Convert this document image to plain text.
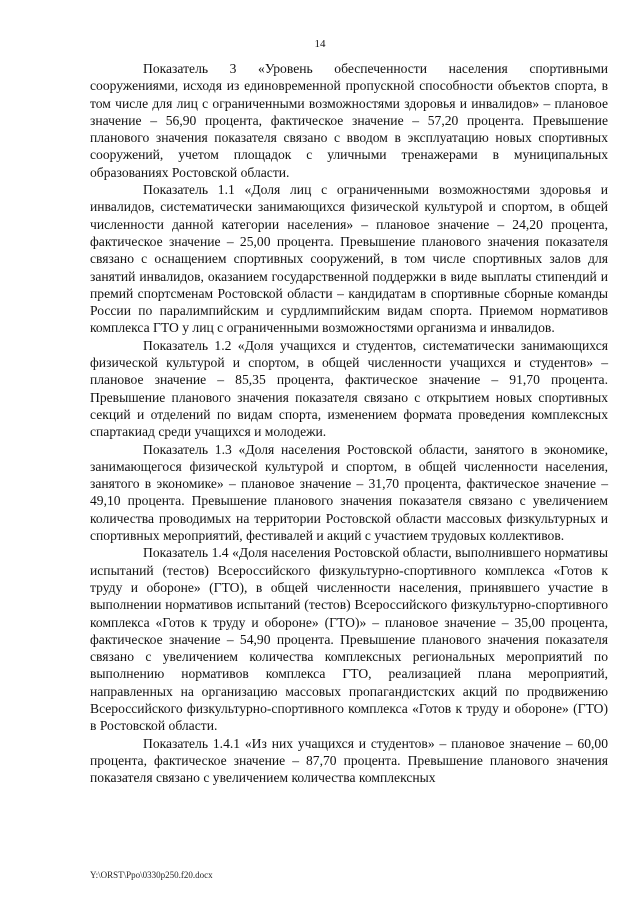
14

Показатель 3 «Уровень обеспеченности населения спортивными сооружениями, исходя из единовременной пропускной способности объектов спорта, в том числе для лиц с ограниченными возможностями здоровья и инвалидов» – плановое значение – 56,90 процента, фактическое значение – 57,20 процента. Превышение планового значения показателя связано с вводом в эксплуатацию новых спортивных сооружений, учетом площадок с уличными тренажерами в муниципальных образованиях Ростовской области.

Показатель 1.1 «Доля лиц с ограниченными возможностями здоровья и инвалидов, систематически занимающихся физической культурой и спортом, в общей численности данной категории населения» – плановое значение – 24,20 процента, фактическое значение – 25,00 процента. Превышение планового значения показателя связано с оснащением спортивных сооружений, в том числе спортивных залов для занятий инвалидов, оказанием государственной поддержки в виде выплаты стипендий и премий спортсменам Ростовской области – кандидатам в спортивные сборные команды России по паралимпийским и сурдлимпийским видам спорта. Приемом нормативов комплекса ГТО у лиц с ограниченными возможностями организма и инвалидов.

Показатель 1.2 «Доля учащихся и студентов, систематически занимающихся физической культурой и спортом, в общей численности учащихся и студентов» – плановое значение – 85,35 процента, фактическое значение – 91,70 процента. Превышение планового значения показателя связано с открытием новых спортивных секций и отделений по видам спорта, изменением формата проведения комплексных спартакиад среди учащихся и молодежи.

Показатель 1.3 «Доля населения Ростовской области, занятого в экономике, занимающегося физической культурой и спортом, в общей численности населения, занятого в экономике» – плановое значение – 31,70 процента, фактическое значение – 49,10 процента. Превышение планового значения показателя связано с увеличением количества проводимых на территории Ростовской области массовых физкультурных и спортивных мероприятий, фестивалей и акций с участием трудовых коллективов.

Показатель 1.4 «Доля населения Ростовской области, выполнившего нормативы испытаний (тестов) Всероссийского физкультурно-спортивного комплекса «Готов к труду и обороне» (ГТО), в общей численности населения, принявшего участие в выполнении нормативов испытаний (тестов) Всероссийского физкультурно-спортивного комплекса «Готов к труду и обороне» (ГТО)» – плановое значение – 35,00 процента, фактическое значение – 54,90 процента. Превышение планового значения показателя связано с увеличением количества комплексных региональных мероприятий по выполнению нормативов комплекса ГТО, реализацией плана мероприятий, направленных на организацию массовых пропагандистских акций по продвижению Всероссийского физкультурно-спортивного комплекса «Готов к труду и обороне» (ГТО) в Ростовской области.

Показатель 1.4.1 «Из них учащихся и студентов» – плановое значение – 60,00 процента, фактическое значение – 87,70 процента. Превышение планового значения показателя связано с увеличением количества комплексных

Y:\ORST\Ppo\0330p250.f20.docx
